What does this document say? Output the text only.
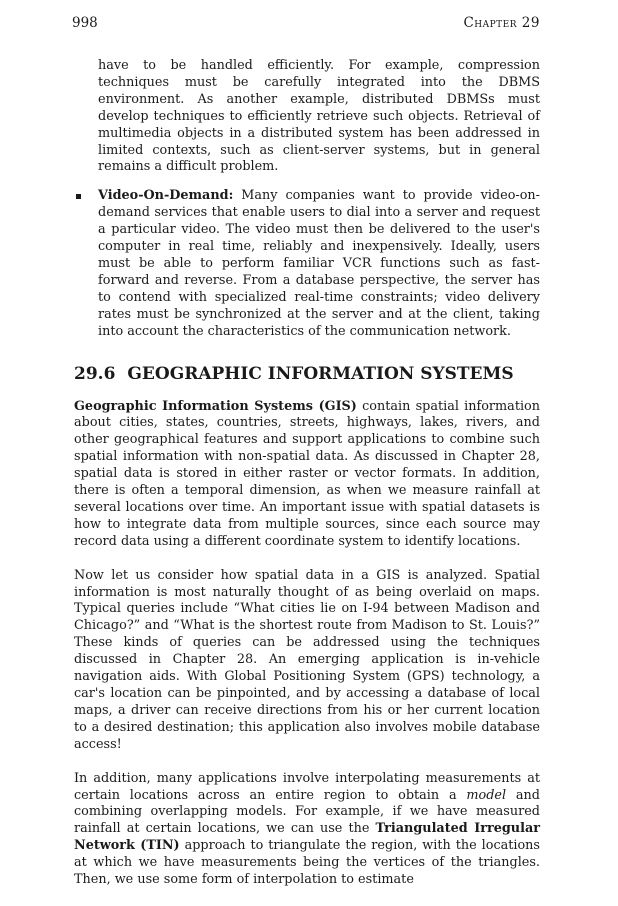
998	Chapter 29

have to be handled efficiently. For example, compression techniques must be carefully integrated into the DBMS environment. As another example, distributed DBMSs must develop techniques to efficiently retrieve such objects. Retrieval of multimedia objects in a distributed system has been addressed in limited contexts, such as client-server systems, but in general remains a difficult problem.

Video-On-Demand: Many companies want to provide video-on-demand services that enable users to dial into a server and request a particular video. The video must then be delivered to the user's computer in real time, reliably and inexpensively. Ideally, users must be able to perform familiar VCR functions such as fast-forward and reverse. From a database perspective, the server has to contend with specialized real-time constraints; video delivery rates must be synchronized at the server and at the client, taking into account the characteristics of the communication network.
29.6 GEOGRAPHIC INFORMATION SYSTEMS

Geographic Information Systems (GIS) contain spatial information about cities, states, countries, streets, highways, lakes, rivers, and other geographical features and support applications to combine such spatial information with non-spatial data. As discussed in Chapter 28, spatial data is stored in either raster or vector formats. In addition, there is often a temporal dimension, as when we measure rainfall at several locations over time. An important issue with spatial datasets is how to integrate data from multiple sources, since each source may record data using a different coordinate system to identify locations.

Now let us consider how spatial data in a GIS is analyzed. Spatial information is most naturally thought of as being overlaid on maps. Typical queries include “What cities lie on I-94 between Madison and Chicago?” and “What is the shortest route from Madison to St. Louis?” These kinds of queries can be addressed using the techniques discussed in Chapter 28. An emerging application is in-vehicle navigation aids. With Global Positioning System (GPS) technology, a car's location can be pinpointed, and by accessing a database of local maps, a driver can receive directions from his or her current location to a desired destination; this application also involves mobile database access!

In addition, many applications involve interpolating measurements at certain locations across an entire region to obtain a model and combining overlapping models. For example, if we have measured rainfall at certain locations, we can use the Triangulated Irregular Network (TIN) approach to triangulate the region, with the locations at which we have measurements being the vertices of the triangles. Then, we use some form of interpolation to estimate
